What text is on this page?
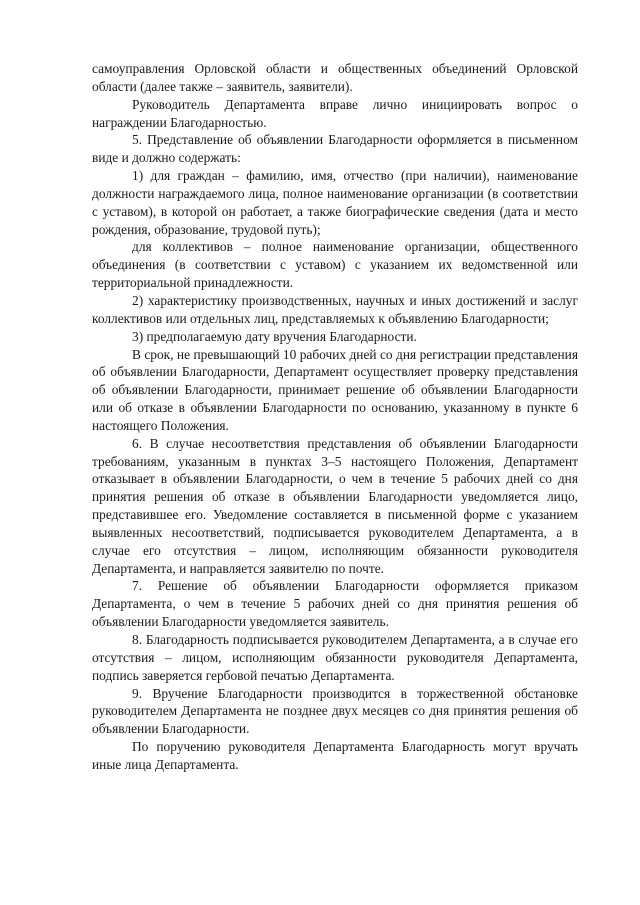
самоуправления Орловской области и общественных объединений Орловской области (далее также – заявитель, заявители).

Руководитель Департамента вправе лично инициировать вопрос о награждении Благодарностью.

5. Представление об объявлении Благодарности оформляется в письменном виде и должно содержать:

1) для граждан – фамилию, имя, отчество (при наличии), наименование должности награждаемого лица, полное наименование организации (в соответствии с уставом), в которой он работает, а также биографические сведения (дата и место рождения, образование, трудовой путь);

для коллективов – полное наименование организации, общественного объединения (в соответствии с уставом) с указанием их ведомственной или территориальной принадлежности.

2) характеристику производственных, научных и иных достижений и заслуг коллективов или отдельных лиц, представляемых к объявлению Благодарности;

3) предполагаемую дату вручения Благодарности.

В срок, не превышающий 10 рабочих дней со дня регистрации представления об объявлении Благодарности, Департамент осуществляет проверку представления об объявлении Благодарности, принимает решение об объявлении Благодарности или об отказе в объявлении Благодарности по основанию, указанному в пункте 6 настоящего Положения.

6. В случае несоответствия представления об объявлении Благодарности требованиям, указанным в пунктах 3–5 настоящего Положения, Департамент отказывает в объявлении Благодарности, о чем в течение 5 рабочих дней со дня принятия решения об отказе в объявлении Благодарности уведомляется лицо, представившее его. Уведомление составляется в письменной форме с указанием выявленных несоответствий, подписывается руководителем Департамента, а в случае его отсутствия – лицом, исполняющим обязанности руководителя Департамента, и направляется заявителю по почте.

7. Решение об объявлении Благодарности оформляется приказом Департамента, о чем в течение 5 рабочих дней со дня принятия решения об объявлении Благодарности уведомляется заявитель.

8. Благодарность подписывается руководителем Департамента, а в случае его отсутствия – лицом, исполняющим обязанности руководителя Департамента, подпись заверяется гербовой печатью Департамента.

9. Вручение Благодарности производится в торжественной обстановке руководителем Департамента не позднее двух месяцев со дня принятия решения об объявлении Благодарности.

По поручению руководителя Департамента Благодарность могут вручать иные лица Департамента.
